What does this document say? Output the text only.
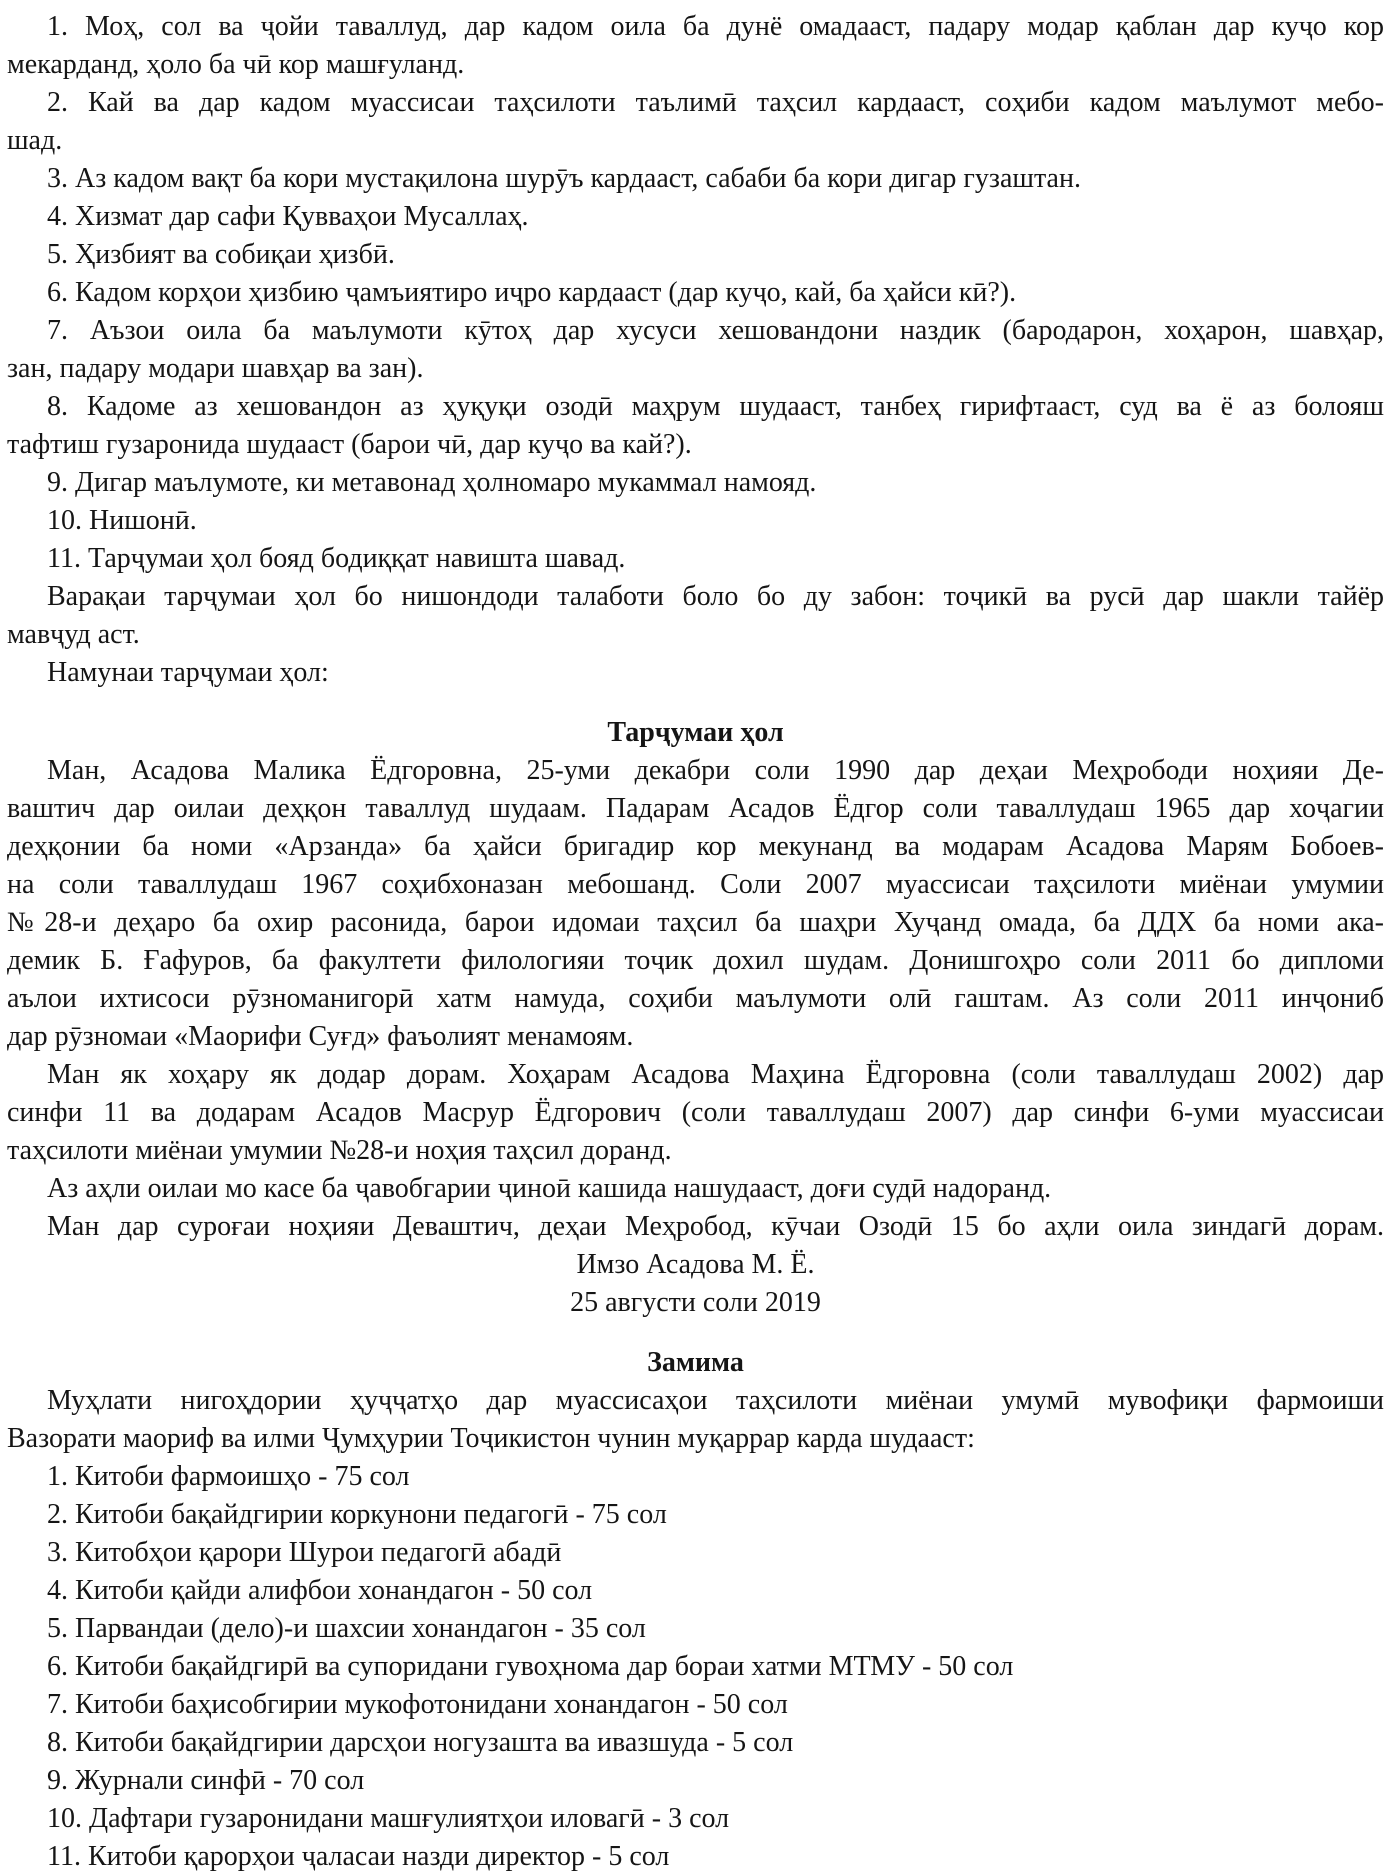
1. Моҳ, сол ва ҷойи таваллуд, дар кадом оила ба дунё омадааст, падару модар қаблан дар куҷо кор
мекарданд, ҳоло ба чӣ кор машғуланд.
2. Кай ва дар кадом муассисаи таҳсилоти таълимӣ таҳсил кардааст, соҳиби кадом маълумот мебо-
шад.
3. Аз кадом вақт ба кори мустақилона шурӯъ кардааст, сабаби ба кори дигар гузаштан.
4. Хизмат дар сафи Қувваҳои Мусаллаҳ.
5. Ҳизбият ва собиқаи ҳизбӣ.
6. Кадом корҳои ҳизбию ҷамъиятиро иҷро кардааст (дар куҷо, кай, ба ҳайси кӣ?).
7. Аъзои оила ба маълумоти кӯтоҳ дар хусуси хешовандони наздик (бародарон, хоҳарон, шавҳар,
зан, падару модари шавҳар ва зан).
8. Кадоме аз хешовандон аз ҳуқуқи озодӣ маҳрум шудааст, танбеҳ гирифтааст, суд ва ё аз болояш
тафтиш гузаронида шудааст (барои чӣ, дар куҷо ва кай?).
9. Дигар маълумоте, ки метавонад ҳолномаро мукаммал намояд.
10. Нишонӣ.
11. Тарҷумаи ҳол бояд бодиққат навишта шавад.
Варақаи тарҷумаи ҳол бо нишондоди талаботи боло бо ду забон: тоҷикӣ ва русӣ дар шакли тайёр
мавҷуд аст.
Намунаи тарҷумаи ҳол:
Тарҷумаи ҳол
Ман, Асадова Малика Ёдгоровна, 25-уми декабри соли 1990 дар деҳаи Меҳрободи ноҳияи Де-
ваштич дар оилаи деҳқон таваллуд шудаам. Падарам Асадов Ёдгор соли таваллудаш 1965 дар хоҷагии
деҳқонии ба номи «Арзанда» ба ҳайси бригадир кор мекунанд ва модарам Асадова Марям Бобоев-
на соли таваллудаш 1967 соҳибхоназан мебошанд. Соли 2007 муассисаи таҳсилоти миёнаи умумии
№28-и деҳаро ба охир расонида, барои идомаи таҳсил ба шаҳри Хуҷанд омада, ба ДДХ ба номи ака-
демик Б. Ғафуров, ба факултети филологияи тоҷик дохил шудам. Донишгоҳро соли 2011 бо дипломи
аълои ихтисоси рӯзноманигорӣ хатм намуда, соҳиби маълумоти олӣ гаштам. Аз соли 2011 инҷониб
дар рӯзномаи «Маорифи Суғд» фаъолият менамоям.
Ман як хоҳару як додар дорам. Хоҳарам Асадова Маҳина Ёдгоровна (соли таваллудаш 2002) дар
синфи 11 ва додарам Асадов Масрур Ёдгорович (соли таваллудаш 2007) дар синфи 6-уми муассисаи
таҳсилоти миёнаи умумии №28-и ноҳия таҳсил доранд.
Аз аҳли оилаи мо касе ба ҷавобгарии ҷиноӣ кашида нашудааст, доғи судӣ надоранд.
Ман дар суроғаи ноҳияи Деваштич, деҳаи Меҳробод, кӯчаи Озодӣ 15 бо аҳли оила зиндагӣ дорам.
Имзо Асадова М. Ё.
25 августи соли 2019
Замима
Муҳлати нигоҳдории ҳуҷҷатҳо дар муассисаҳои таҳсилоти миёнаи умумӣ мувофиқи фармоиши
Вазорати маориф ва илми Ҷумҳурии Тоҷикистон чунин муқаррар карда шудааст:
1. Китоби фармоишҳо - 75 сол
2. Китоби бақайдгирии коркунони педагогӣ - 75 сол
3. Китобҳои қарори Шурои педагогӣ абадӣ
4. Китоби қайди алифбои хонандагон - 50 сол
5. Парвандаи (дело)-и шахсии хонандагон - 35 сол
6. Китоби бақайдгирӣ ва супоридани гувоҳнома дар бораи хатми МТМУ - 50 сол
7. Китоби баҳисобгирии мукофотонидани хонандагон - 50 сол
8. Китоби бақайдгирии дарсҳои ногузашта ва ивазшуда - 5 сол
9. Журнали синфӣ - 70 сол
10. Дафтари гузаронидани машғулиятҳои иловагӣ - 3 сол
11. Китоби қарорҳои ҷаласаи назди директор - 5 сол
